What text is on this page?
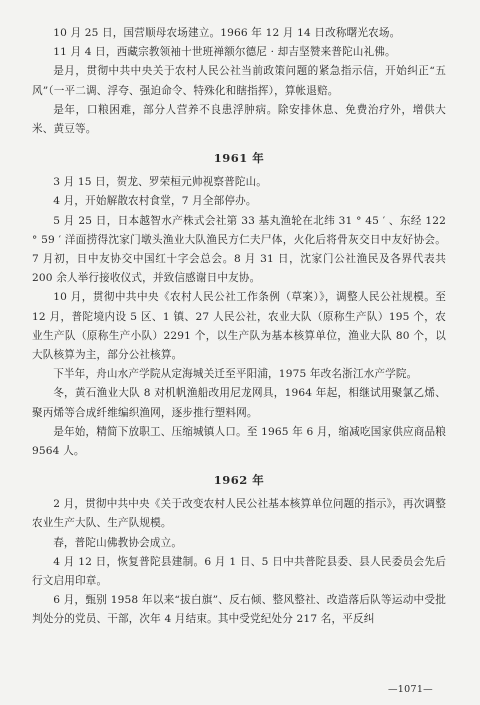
10 月 25 日，国营顺母农场建立。1966 年 12 月 14 日改称曙光农场。

11 月 4 日，西藏宗教领袖十世班禅额尔德尼 · 却吉坚赞来普陀山礼佛。

是月，贯彻中共中央关于农村人民公社当前政策问题的紧急指示信，开始纠正“五风”（一平二调、浮夸、强迫命令、特殊化和瞎指挥），算帐退赔。

是年，口粮困难，部分人营养不良患浮肿病。除安排休息、免费治疗外，增供大米、黄豆等。

1961 年

3 月 15 日，贺龙、罗荣桓元帅视察普陀山。

4 月，开始解散农村食堂，7 月全部停办。

5 月 25 日，日本越智水产株式会社第 33 基丸渔轮在北纬 31 ° 45 ′ 、东经 122 ° 59 ′ 洋面捞得沈家门墩头渔业大队渔民方仁夫尸体，火化后将骨灰交日中友好协会。7 月初，日中友协交中国红十字会总会。8 月 31 日，沈家门公社渔民及各界代表共 200 余人举行接收仪式，并致信感谢日中友协。

10 月，贯彻中共中央《农村人民公社工作条例（草案）》，调整人民公社规模。至 12 月，普陀境内设 5 区、1 镇、27 人民公社，农业大队（原称生产队）195 个，农业生产队（原称生产小队）2291 个，以生产队为基本核算单位，渔业大队 80 个，以大队核算为主，部分公社核算。

下半年，舟山水产学院从定海城关迁至平阳浦，1975 年改名浙江水产学院。

冬，黄石渔业大队 8 对机帆渔船改用尼龙网具，1964 年起，相继试用聚氯乙烯、聚丙烯等合成纤维编织渔网，逐步推行塑料网。

是年始，精简下放职工、压缩城镇人口。至 1965 年 6 月，缩减吃国家供应商品粮 9564 人。

1962 年

2 月，贯彻中共中央《关于改变农村人民公社基本核算单位问题的指示》，再次调整农业生产大队、生产队规模。

春，普陀山佛教协会成立。

4 月 12 日，恢复普陀县建制。6 月 1 日、5 日中共普陀县委、县人民委员会先后行文启用印章。

6 月，甄别 1958 年以来“拔白旗”、反右倾、整风整社、改造落后队等运动中受批判处分的党员、干部，次年 4 月结束。其中受党纪处分 217 名，平反纠

—1071—
